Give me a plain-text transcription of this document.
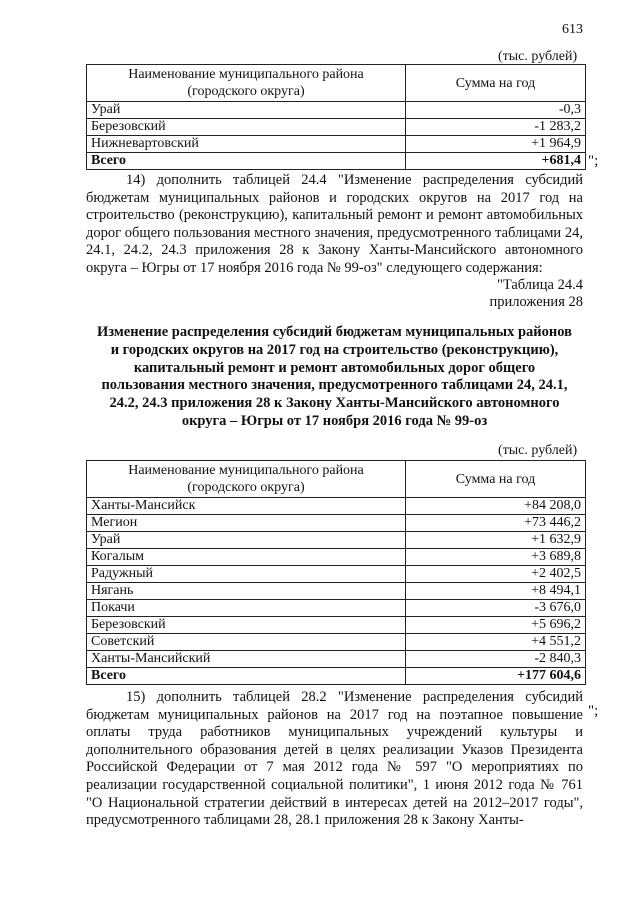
613
(тыс. рублей)
Наименование муниципального района
(городского округа)	Сумма на год
Урай	-0,3
Березовский	-1 283,2
Нижневартовский	+1 964,9
Всего	+681,4 ";
14) дополнить таблицей 24.4 "Изменение распределения субсидий бюджетам муниципальных районов и городских округов на 2017 год на строительство (реконструкцию), капитальный ремонт и ремонт автомобильных дорог общего пользования местного значения, предусмотренного таблицами 24, 24.1, 24.2, 24.3 приложения 28 к Закону Ханты-Мансийского автономного округа – Югры от 17 ноября 2016 года № 99-оз" следующего содержания:
"Таблица 24.4
приложения 28
Изменение распределения субсидий бюджетам муниципальных районов
и городских округов на 2017 год на строительство (реконструкцию),
капитальный ремонт и ремонт автомобильных дорог общего
пользования местного значения, предусмотренного таблицами 24, 24.1,
24.2, 24.3 приложения 28 к Закону Ханты-Мансийского автономного
округа – Югры от 17 ноября 2016 года № 99-оз
(тыс. рублей)
Наименование муниципального района
(городского округа)	Сумма на год
Ханты-Мансийск	+84 208,0
Мегион	+73 446,2
Урай	+1 632,9
Когалым	+3 689,8
Радужный	+2 402,5
Нягань	+8 494,1
Покачи	-3 676,0
Березовский	+5 696,2
Советский	+4 551,2
Ханты-Мансийский	-2 840,3
Всего	+177 604,6
";
15) дополнить таблицей 28.2 "Изменение распределения субсидий бюджетам муниципальных районов на 2017 год на поэтапное повышение оплаты труда работников муниципальных учреждений культуры и дополнительного образования детей в целях реализации Указов Президента Российской Федерации от 7 мая 2012 года № 597 "О мероприятиях по реализации государственной социальной политики", 1 июня 2012 года № 761 "О Национальной стратегии действий в интересах детей на 2012–2017 годы", предусмотренного таблицами 28, 28.1 приложения 28 к Закону Ханты-
